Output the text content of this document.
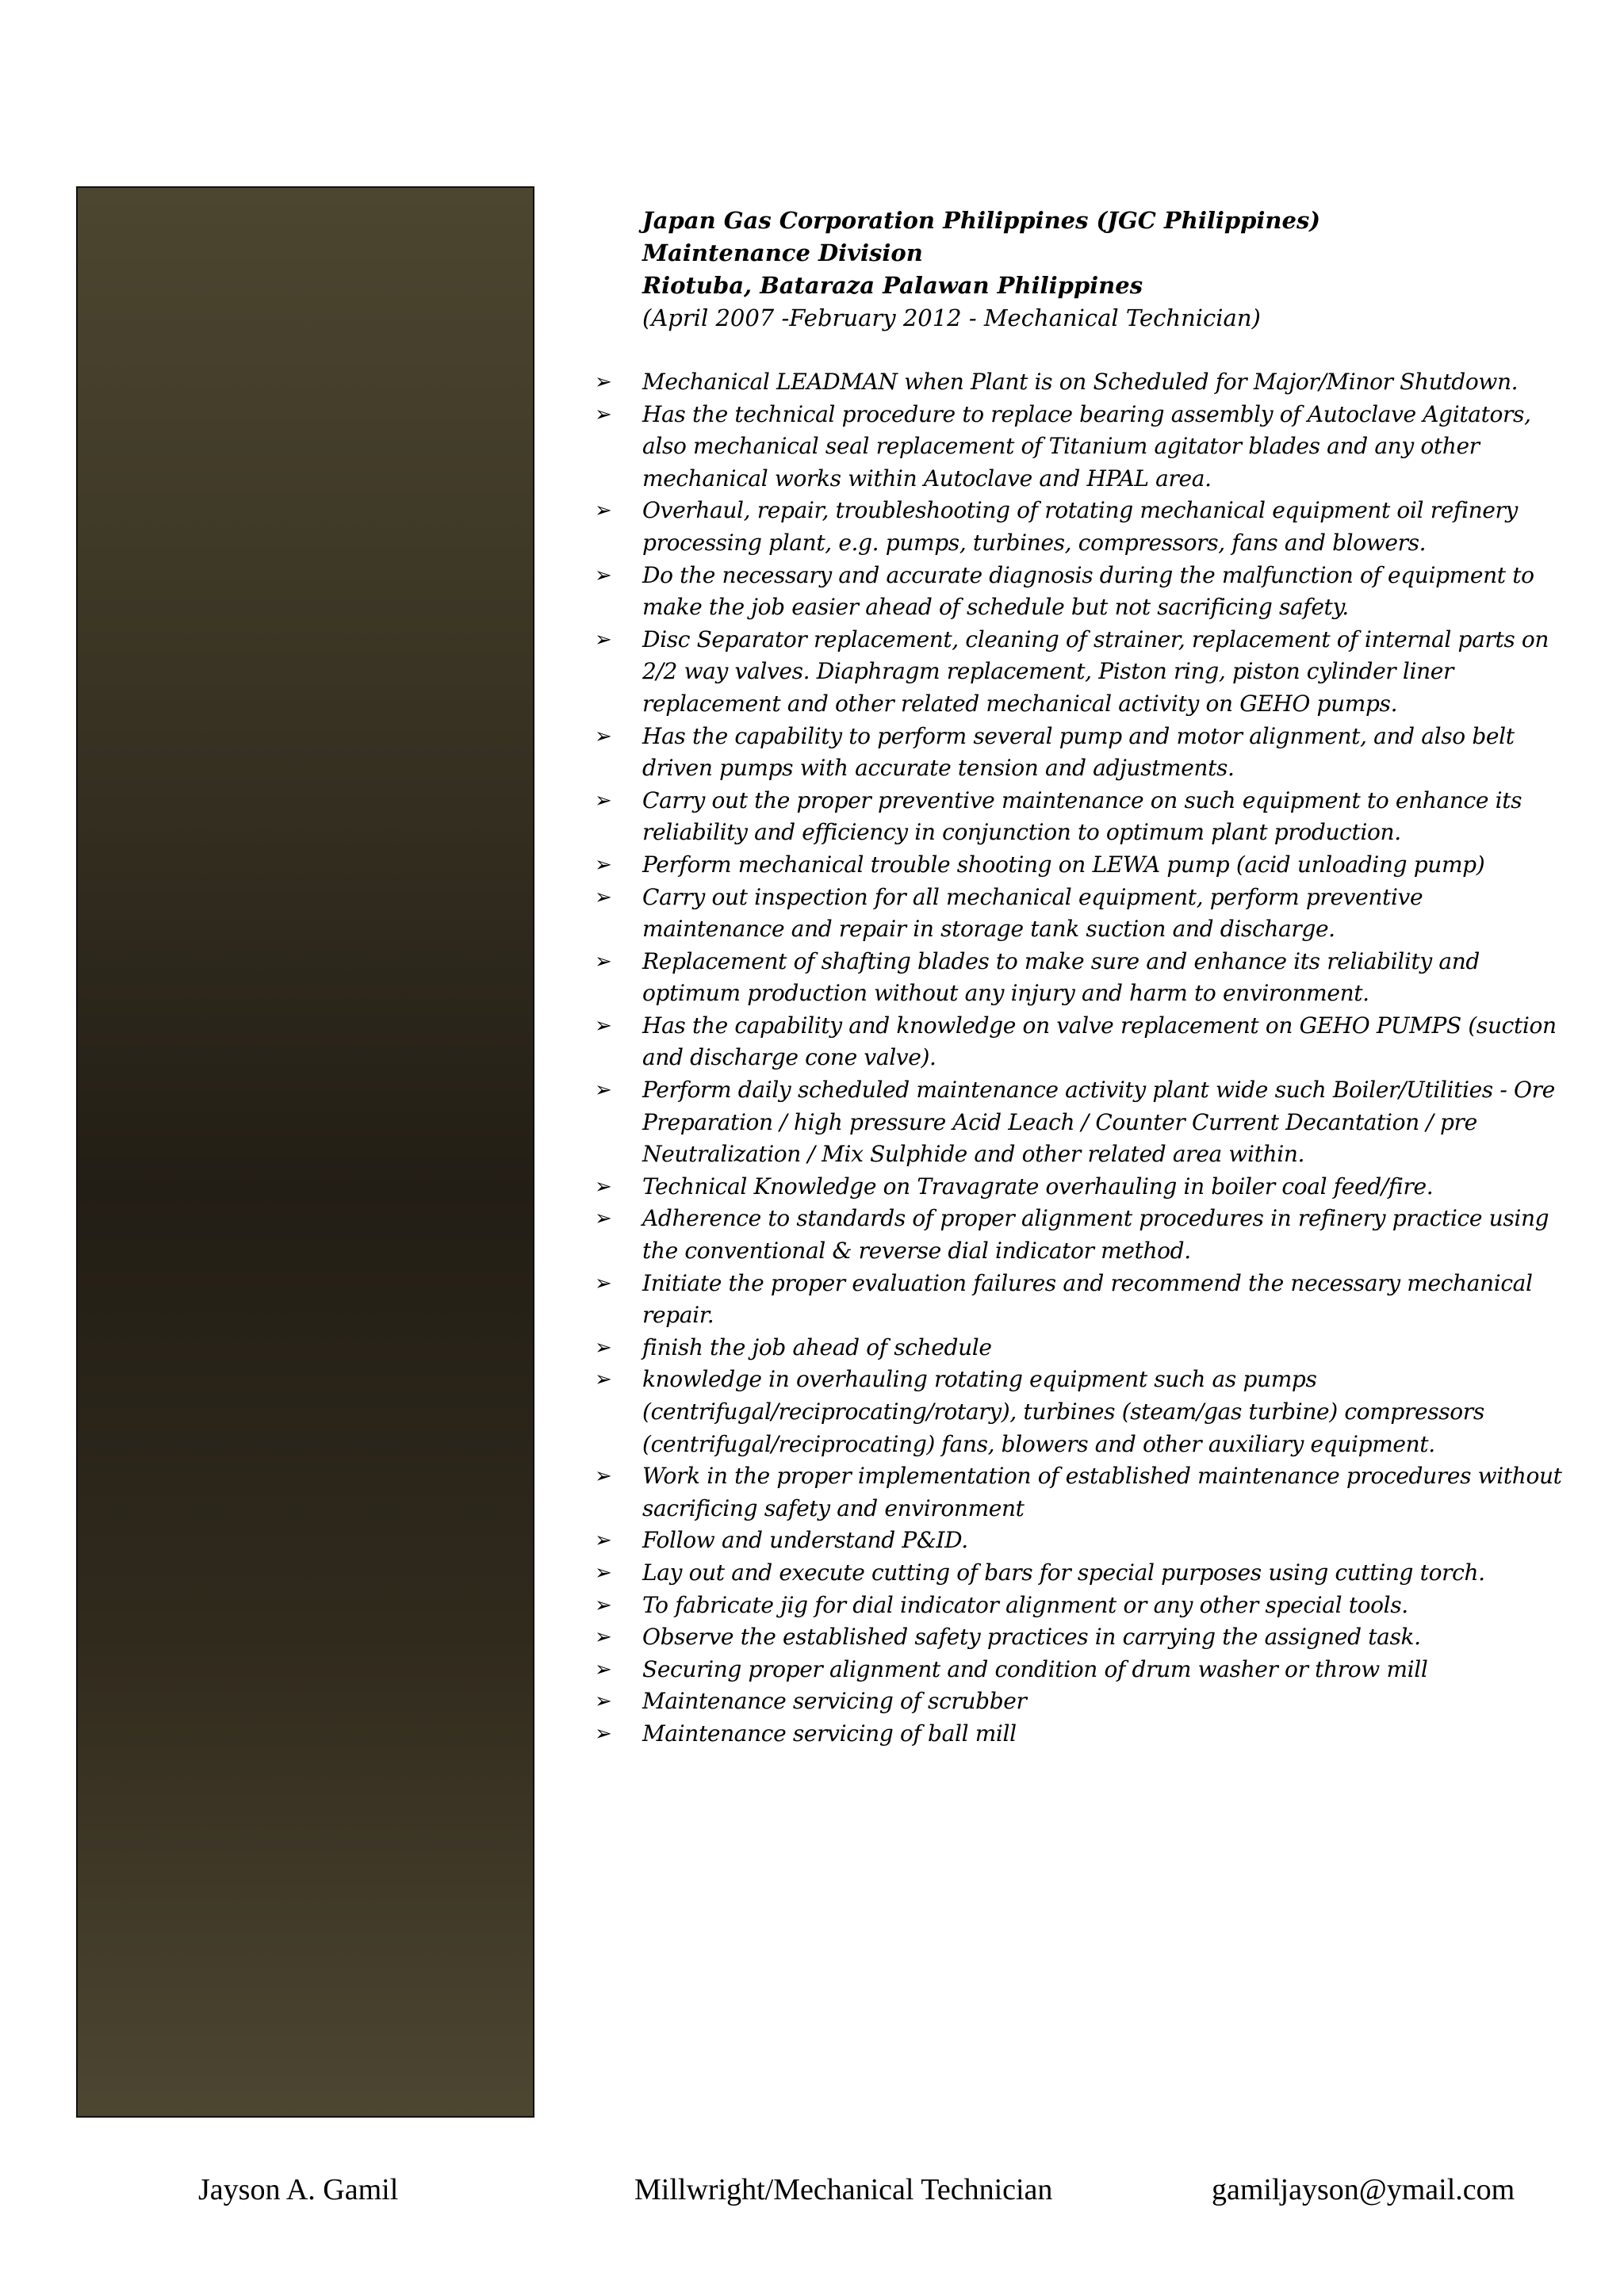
Japan Gas Corporation Philippines (JGC Philippines)
Maintenance Division
Riotuba, Bataraza Palawan Philippines
(April 2007 -February 2012 - Mechanical Technician)
➢ Mechanical LEADMAN when Plant is on Scheduled for Major/Minor Shutdown.
➢ Has the technical procedure to replace bearing assembly of Autoclave Agitators, also mechanical seal replacement of Titanium agitator blades and any other mechanical works within Autoclave and HPAL area.
➢ Overhaul, repair, troubleshooting of rotating mechanical equipment oil refinery processing plant, e.g. pumps, turbines, compressors, fans and blowers.
➢ Do the necessary and accurate diagnosis during the malfunction of equipment to make the job easier ahead of schedule but not sacrificing safety.
➢ Disc Separator replacement, cleaning of strainer, replacement of internal parts on 2/2 way valves. Diaphragm replacement, Piston ring, piston cylinder liner replacement and other related mechanical activity on GEHO pumps.
➢ Has the capability to perform several pump and motor alignment, and also belt driven pumps with accurate tension and adjustments.
➢ Carry out the proper preventive maintenance on such equipment to enhance its reliability and efficiency in conjunction to optimum plant production.
➢ Perform mechanical trouble shooting on LEWA pump (acid unloading pump)
➢ Carry out inspection for all mechanical equipment, perform preventive maintenance and repair in storage tank suction and discharge.
➢ Replacement of shafting blades to make sure and enhance its reliability and optimum production without any injury and harm to environment.
➢ Has the capability and knowledge on valve replacement on GEHO PUMPS (suction and discharge cone valve).
➢ Perform daily scheduled maintenance activity plant wide such Boiler/Utilities - Ore Preparation / high pressure Acid Leach / Counter Current Decantation / pre Neutralization / Mix Sulphide and other related area within.
➢ Technical Knowledge on Travagrate overhauling in boiler coal feed/fire.
➢ Adherence to standards of proper alignment procedures in refinery practice using the conventional & reverse dial indicator method.
➢ Initiate the proper evaluation failures and recommend the necessary mechanical repair.
➢ finish the job ahead of schedule
➢ knowledge in overhauling rotating equipment such as pumps (centrifugal/reciprocating/rotary), turbines (steam/gas turbine) compressors (centrifugal/reciprocating) fans, blowers and other auxiliary equipment.
➢ Work in the proper implementation of established maintenance procedures without sacrificing safety and environment
➢ Follow and understand P&ID.
➢ Lay out and execute cutting of bars for special purposes using cutting torch.
➢ To fabricate jig for dial indicator alignment or any other special tools.
➢ Observe the established safety practices in carrying the assigned task.
➢ Securing proper alignment and condition of drum washer or throw mill
➢ Maintenance servicing of scrubber
➢ Maintenance servicing of ball mill
Jayson A. Gamil	Millwright/Mechanical Technician	gamiljayson@ymail.com
